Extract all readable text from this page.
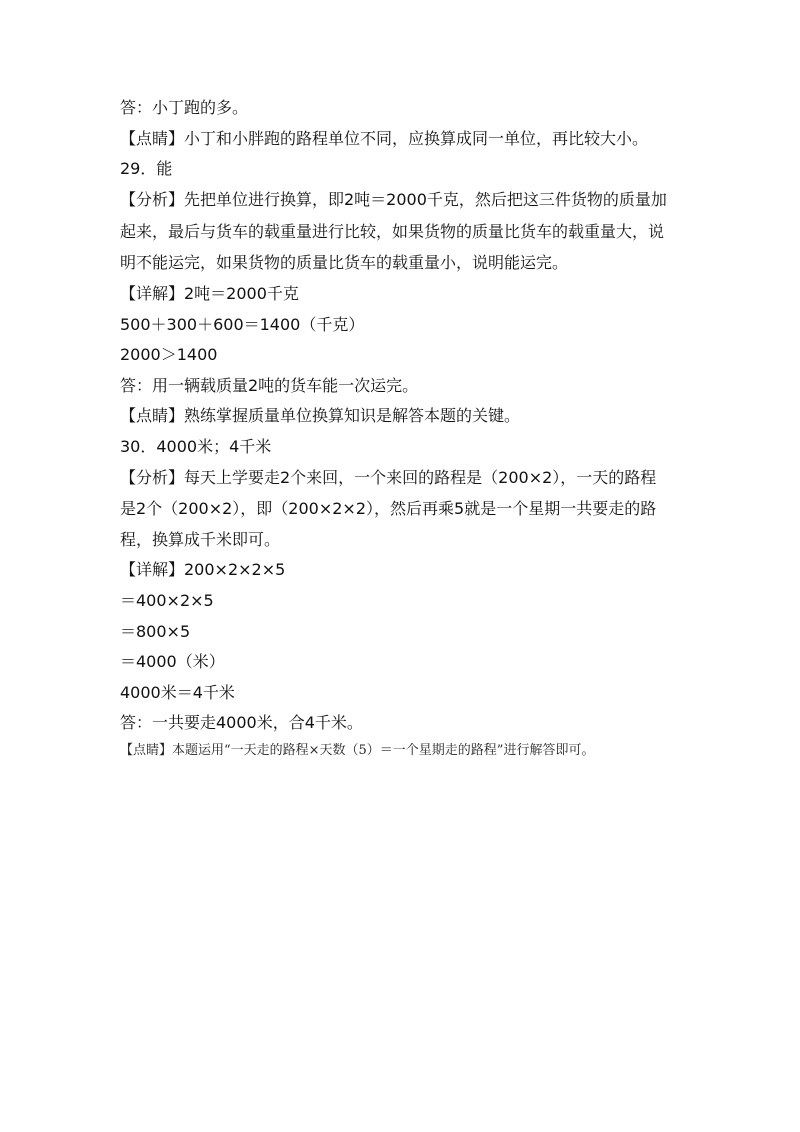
答：小丁跑的多。
【点睛】小丁和小胖跑的路程单位不同，应换算成同一单位，再比较大小。
29．能
【分析】先把单位进行换算，即2吨＝2000千克，然后把这三件货物的质量加
起来，最后与货车的载重量进行比较，如果货物的质量比货车的载重量大，说
明不能运完，如果货物的质量比货车的载重量小，说明能运完。
【详解】2吨＝2000千克
500＋300＋600＝1400（千克）
2000＞1400
答：用一辆载质量2吨的货车能一次运完。
【点睛】熟练掌握质量单位换算知识是解答本题的关键。
30．4000米；4千米
【分析】每天上学要走2个来回，一个来回的路程是（200×2），一天的路程
是2个（200×2），即（200×2×2），然后再乘5就是一个星期一共要走的路
程，换算成千米即可。
【详解】200×2×2×5
＝400×2×5
＝800×5
＝4000（米）
4000米＝4千米
答：一共要走4000米，合4千米。
【点睛】本题运用“一天走的路程×天数（5）＝一个星期走的路程”进行解答即可。
